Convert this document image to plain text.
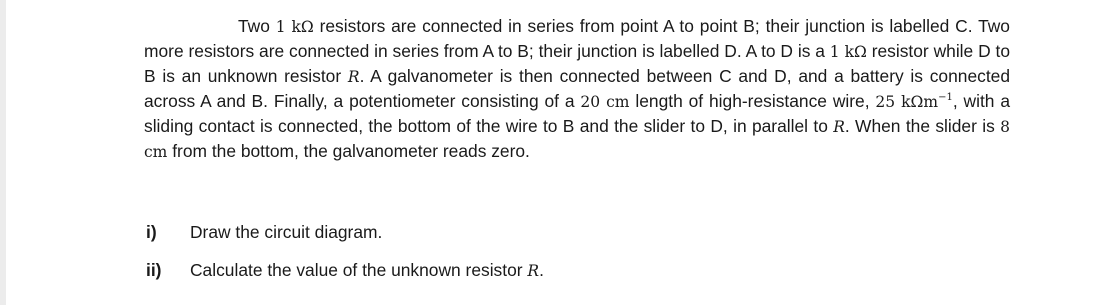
Two 1 kΩ resistors are connected in series from point A to point B; their junction is labelled C. Two more resistors are connected in series from A to B; their junction is labelled D. A to D is a 1 kΩ resistor while D to B is an unknown resistor R. A galvanometer is then connected between C and D, and a battery is connected across A and B. Finally, a potentiometer consisting of a 20 cm length of high-resistance wire, 25 kΩm$^{-1}$, with a sliding contact is connected, the bottom of the wire to B and the slider to D, in parallel to R. When the slider is 8 cm from the bottom, the galvanometer reads zero.
i)	Draw the circuit diagram.
ii)	Calculate the value of the unknown resistor R.
